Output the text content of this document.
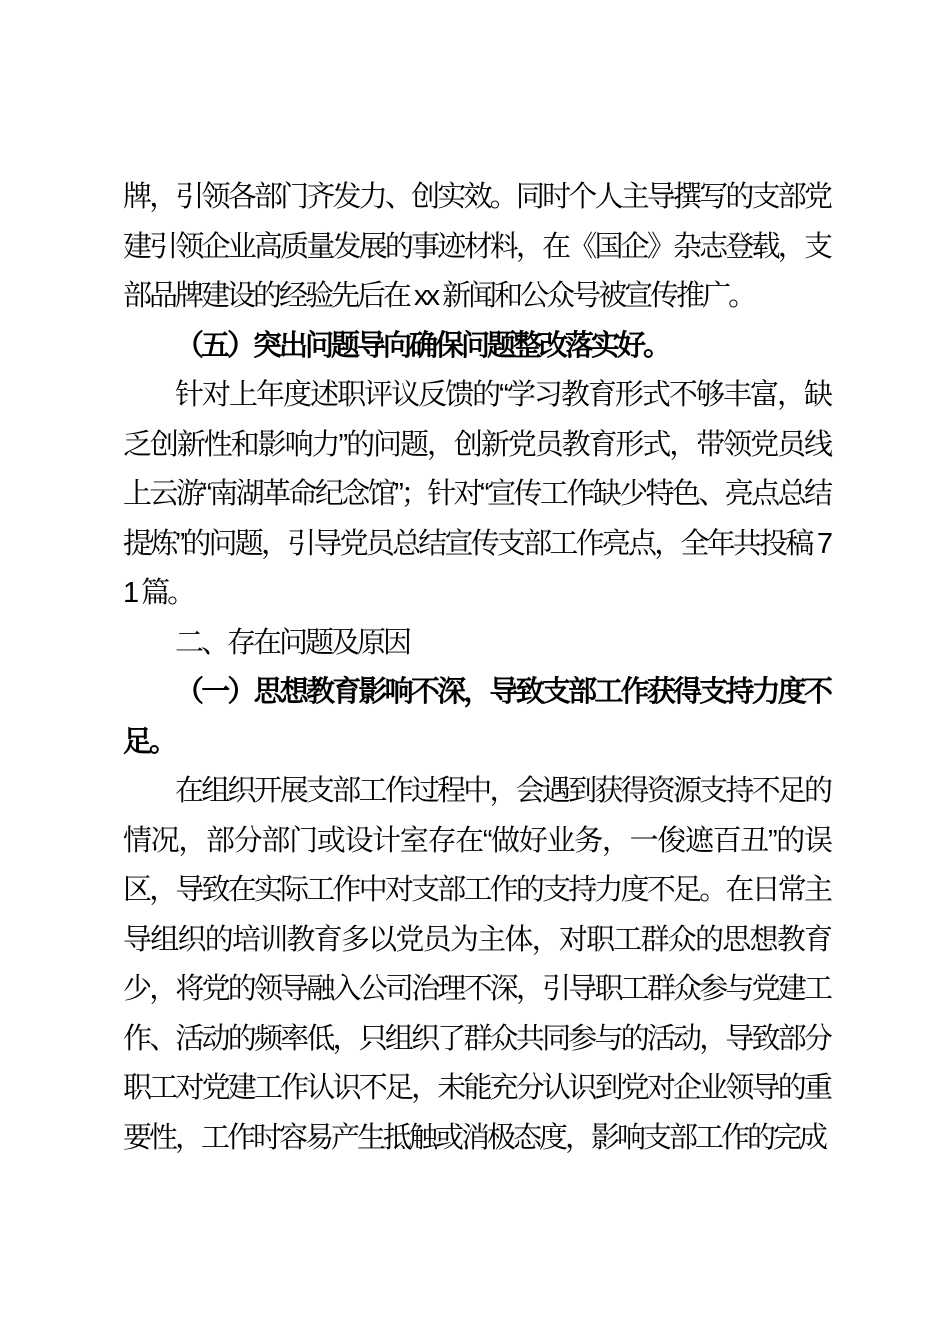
牌，引领各部门齐发力、创实效。同时个人主导撰写的支部党建引领企业高质量发展的事迹材料，在《国企》杂志登载，支部品牌建设的经验先后在 xx 新闻和公众号被宣传推广。

（五）突出问题导向确保问题整改落实好。

针对上年度述职评议反馈的“学习教育形式不够丰富，缺乏创新性和影响力”的问题，创新党员教育形式，带领党员线上云游“南湖革命纪念馆”；针对“宣传工作缺少特色、亮点总结提炼”的问题，引导党员总结宣传支部工作亮点，全年共投稿 71 篇。

二、存在问题及原因

（一）思想教育影响不深，导致支部工作获得支持力度不足。

在组织开展支部工作过程中，会遇到获得资源支持不足的情况，部分部门或设计室存在“做好业务，一俊遮百丑”的误区，导致在实际工作中对支部工作的支持力度不足。在日常主导组织的培训教育多以党员为主体，对职工群众的思想教育少，将党的领导融入公司治理不深，引导职工群众参与党建工作、活动的频率低，只组织了群众共同参与的活动，导致部分职工对党建工作认识不足，未能充分认识到党对企业领导的重要性，工作时容易产生抵触或消极态度，影响支部工作的完成
